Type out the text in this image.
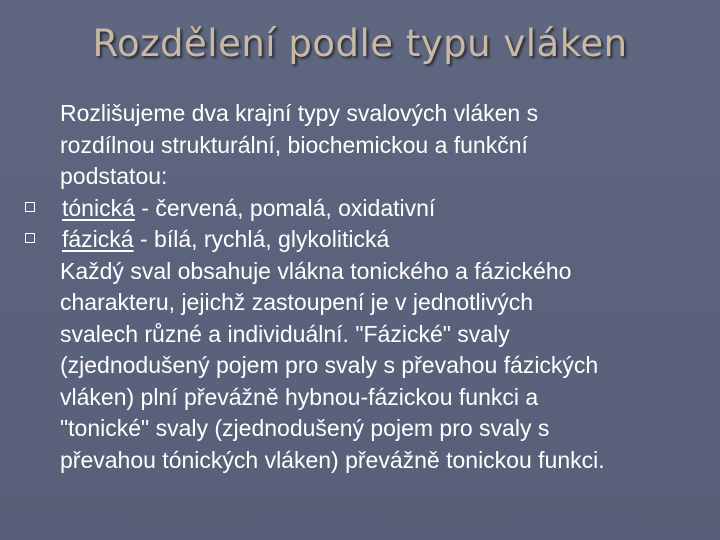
Rozdělení podle typu vláken
Rozlišujeme dva krajní typy svalových vláken s
rozdílnou strukturální, biochemickou a funkční
podstatou:
tónická - červená, pomalá, oxidativní
fázická - bílá, rychlá, glykolitická
Každý sval obsahuje vlákna tonického a fázického
charakteru, jejichž zastoupení je v jednotlivých
svalech různé a individuální. "Fázické" svaly
(zjednodušený pojem pro svaly s převahou fázických
vláken) plní převážně hybnou-fázickou funkci a
"tonické" svaly (zjednodušený pojem pro svaly s
převahou tónických vláken) převážně tonickou funkci.
